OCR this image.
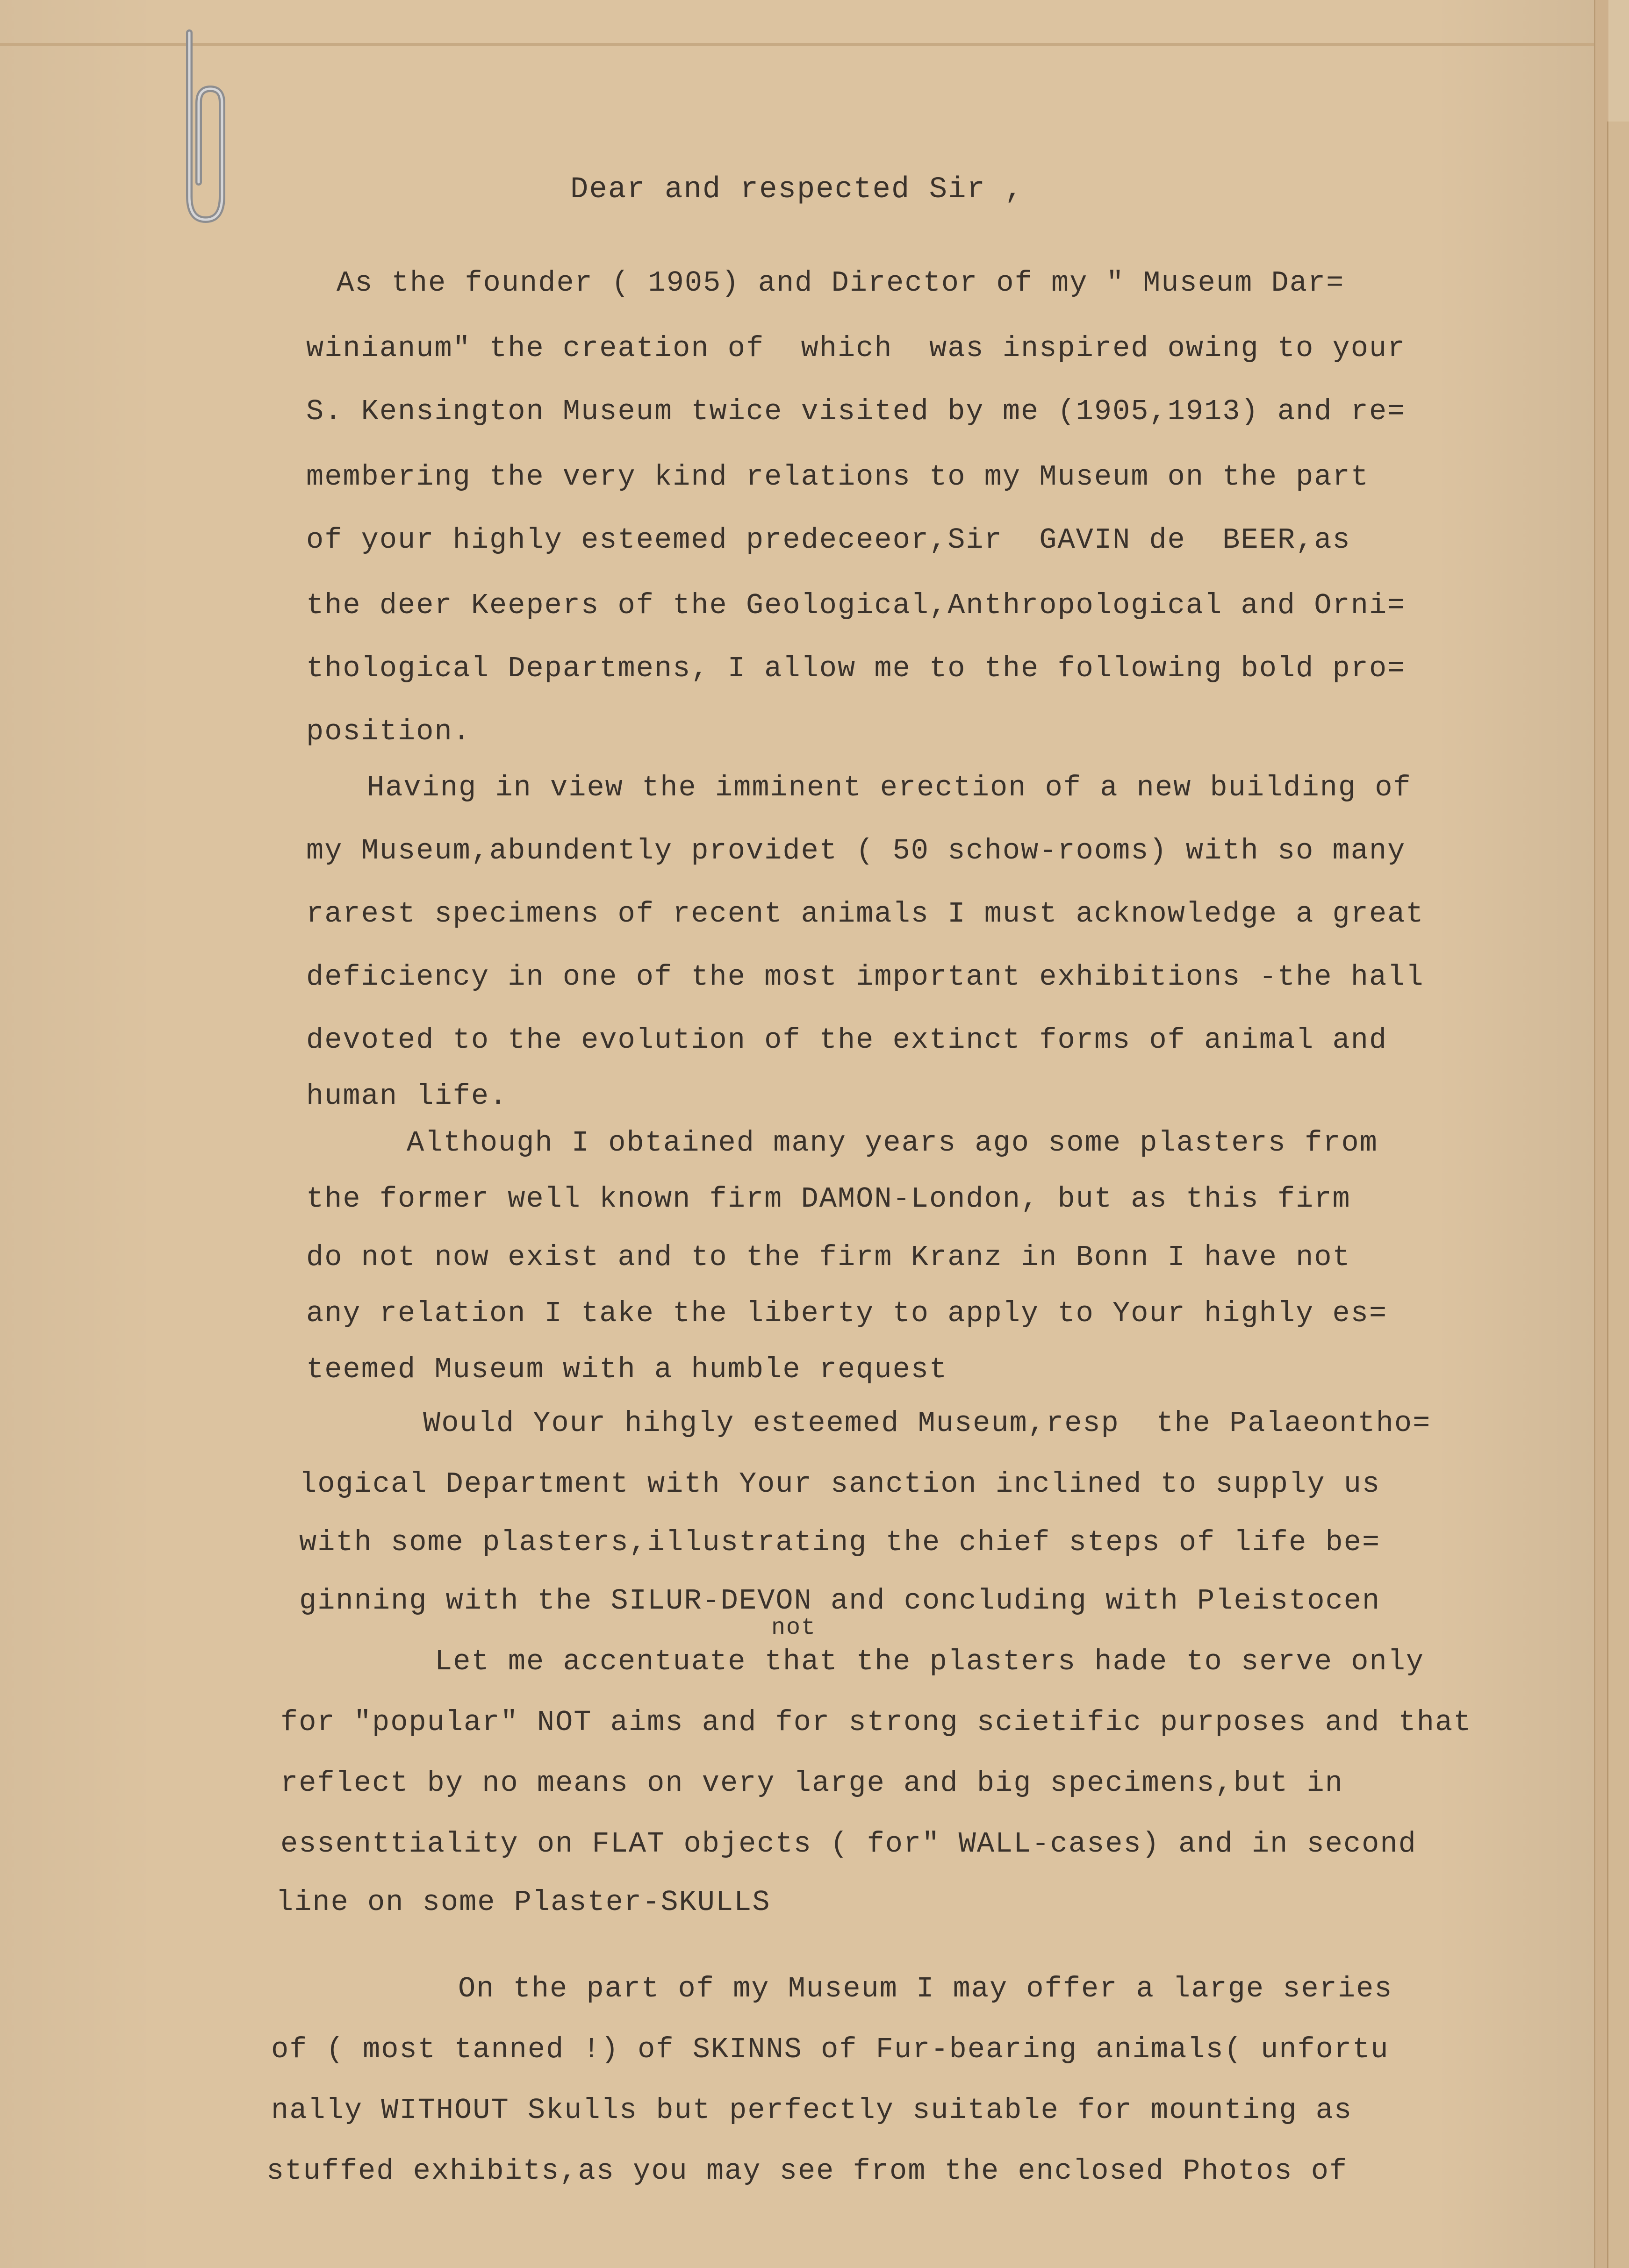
Dear and respected Sir ,
As the founder ( 1905) and Director of my " Museum Dar=
winianum" the creation of  which  was inspired owing to your
S. Kensington Museum twice visited by me (1905,1913) and re=
membering the very kind relations to my Museum on the part
of your highly esteemed predeceeor,Sir  GAVIN de  BEER,as
the deer Keepers of the Geological,Anthropological and Orni=
thological Departmens, I allow me to the following bold pro=
position.
Having in view the imminent erection of a new building of
my Museum,abundently providet ( 50 schow-rooms) with so many
rarest specimens of recent animals I must acknowledge a great
deficiency in one of the most important exhibitions -the hall
devoted to the evolution of the extinct forms of animal and
human life.
Although I obtained many years ago some plasters from
the former well known firm DAMON-London, but as this firm
do not now exist and to the firm Kranz in Bonn I have not
any relation I take the liberty to apply to Your highly es=
teemed Museum with a humble request
Would Your hihgly esteemed Museum,resp  the Palaeontho=
logical Department with Your sanction inclined to supply us
with some plasters,illustrating the chief steps of life be=
ginning with the SILUR-DEVON and concluding with Pleistocen
not
Let me accentuate that the plasters hade to serve only
for "popular" NOT aims and for strong scietific purposes and that
reflect by no means on very large and big specimens,but in
essenttiality on FLAT objects ( for" WALL-cases) and in second
line on some Plaster-SKULLS
On the part of my Museum I may offer a large series
of ( most tanned !) of SKINNS of Fur-bearing animals( unfortu
nally WITHOUT Skulls but perfectly suitable for mounting as
stuffed exhibits,as you may see from the enclosed Photos of
